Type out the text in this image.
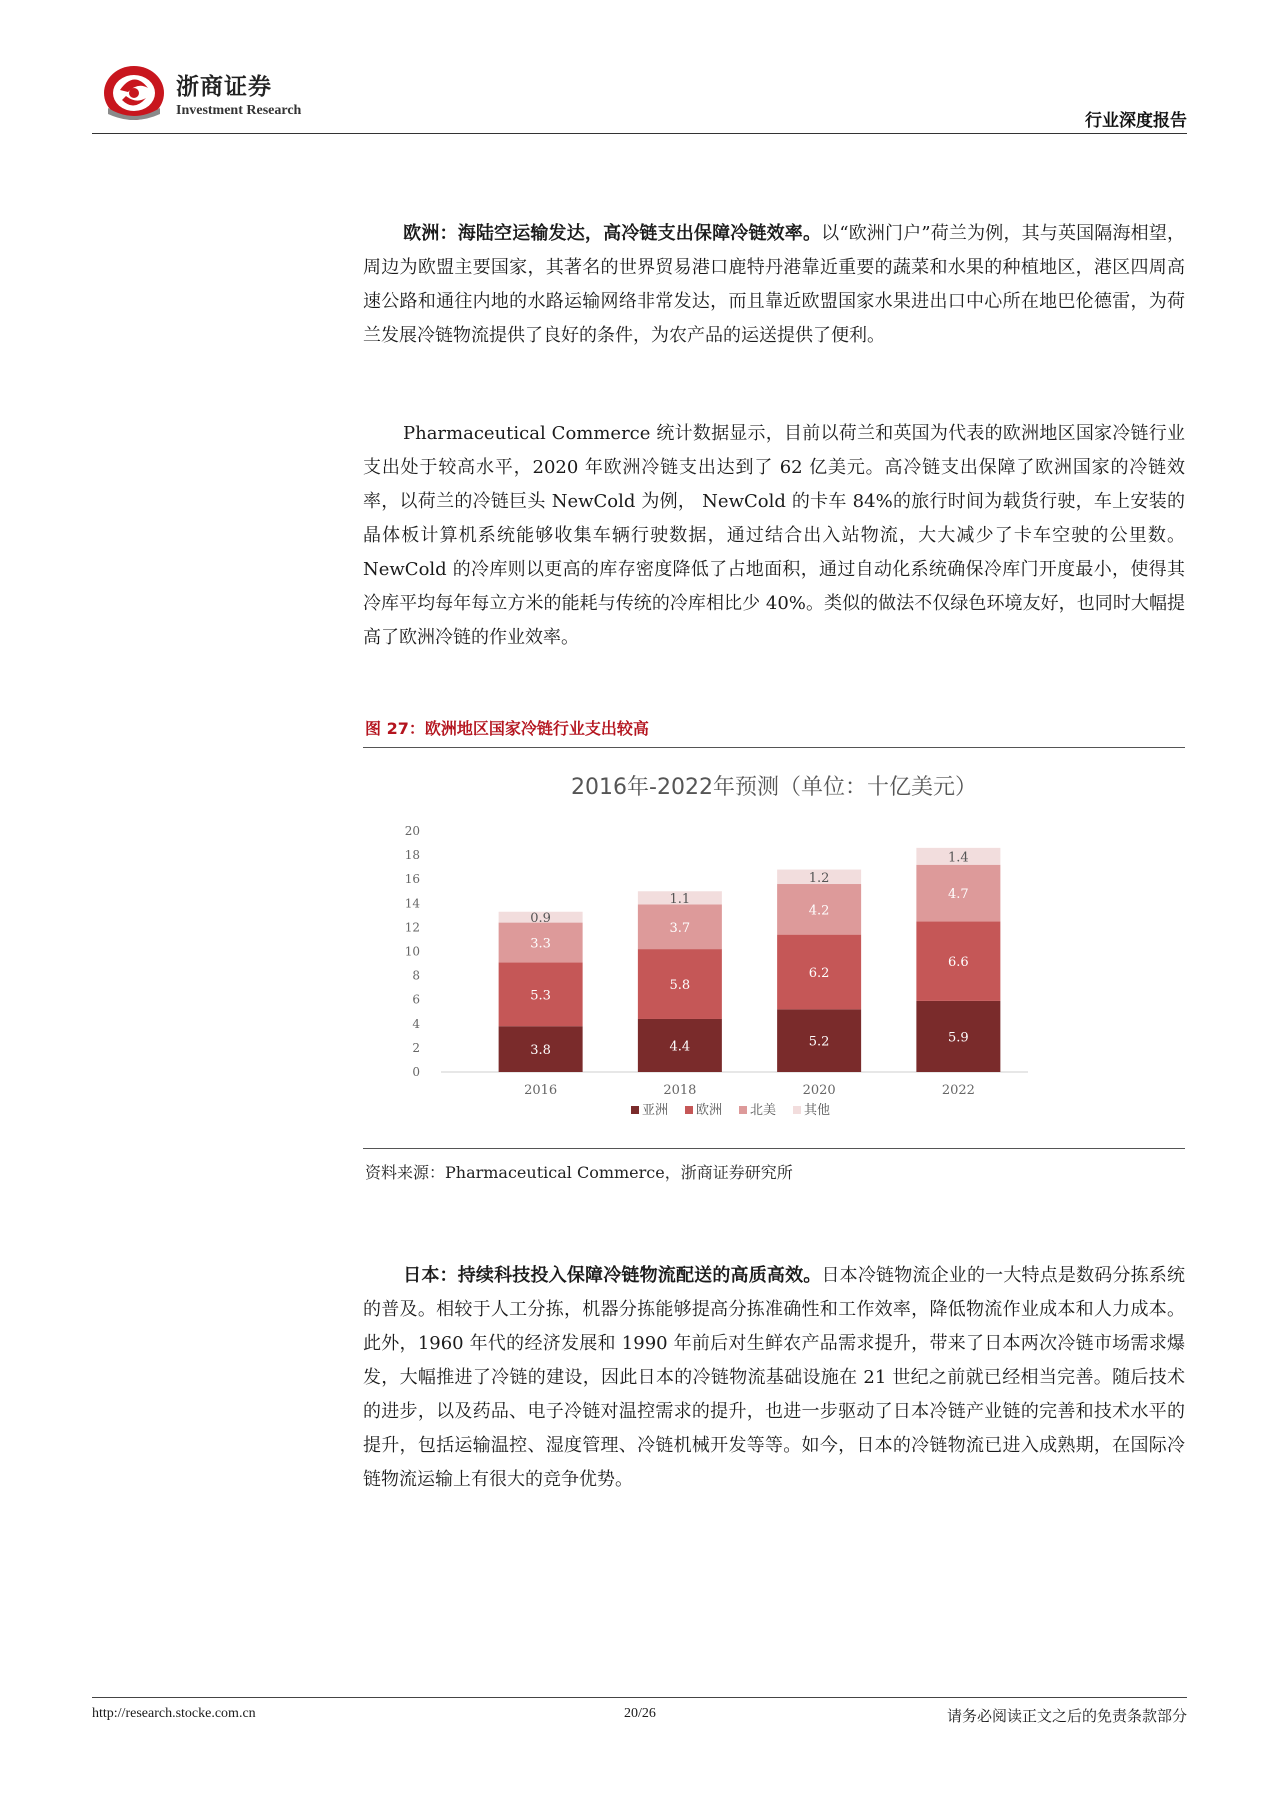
浙商证券
Investment Research
行业深度报告
欧洲：海陆空运输发达，高冷链支出保障冷链效率。以“欧洲门户”荷兰为例，其与英国隔海相望，周边为欧盟主要国家，其著名的世界贸易港口鹿特丹港靠近重要的蔬菜和水果的种植地区，港区四周高速公路和通往内地的水路运输网络非常发达，而且靠近欧盟国家水果进出口中心所在地巴伦德雷，为荷兰发展冷链物流提供了良好的条件，为农产品的运送提供了便利。
Pharmaceutical Commerce 统计数据显示，目前以荷兰和英国为代表的欧洲地区国家冷链行业支出处于较高水平，2020 年欧洲冷链支出达到了 62 亿美元。高冷链支出保障了欧洲国家的冷链效率，以荷兰的冷链巨头 NewCold 为例， NewCold 的卡车 84%的旅行时间为载货行驶，车上安装的晶体板计算机系统能够收集车辆行驶数据，通过结合出入站物流，大大减少了卡车空驶的公里数。NewCold 的冷库则以更高的库存密度降低了占地面积，通过自动化系统确保冷库门开度最小，使得其冷库平均每年每立方米的能耗与传统的冷库相比少 40%。类似的做法不仅绿色环境友好，也同时大幅提高了欧洲冷链的作业效率。
图 27：欧洲地区国家冷链行业支出较高
2016年-2022年预测（单位：十亿美元）
0
2
4
6
8
10
12
14
16
18
20
3.8
5.3
3.3
0.9
4.4
5.8
3.7
1.1
5.2
6.2
4.2
1.2
5.9
6.6
4.7
1.4
2016	2018	2020	2022
亚洲 欧洲 北美 其他
资料来源：Pharmaceutical Commerce，浙商证券研究所
日本：持续科技投入保障冷链物流配送的高质高效。日本冷链物流企业的一大特点是数码分拣系统的普及。相较于人工分拣，机器分拣能够提高分拣准确性和工作效率，降低物流作业成本和人力成本。此外，1960 年代的经济发展和 1990 年前后对生鲜农产品需求提升，带来了日本两次冷链市场需求爆发，大幅推进了冷链的建设，因此日本的冷链物流基础设施在 21 世纪之前就已经相当完善。随后技术的进步，以及药品、电子冷链对温控需求的提升，也进一步驱动了日本冷链产业链的完善和技术水平的提升，包括运输温控、湿度管理、冷链机械开发等等。如今，日本的冷链物流已进入成熟期，在国际冷链物流运输上有很大的竞争优势。
http://research.stocke.com.cn	20/26	请务必阅读正文之后的免责条款部分
